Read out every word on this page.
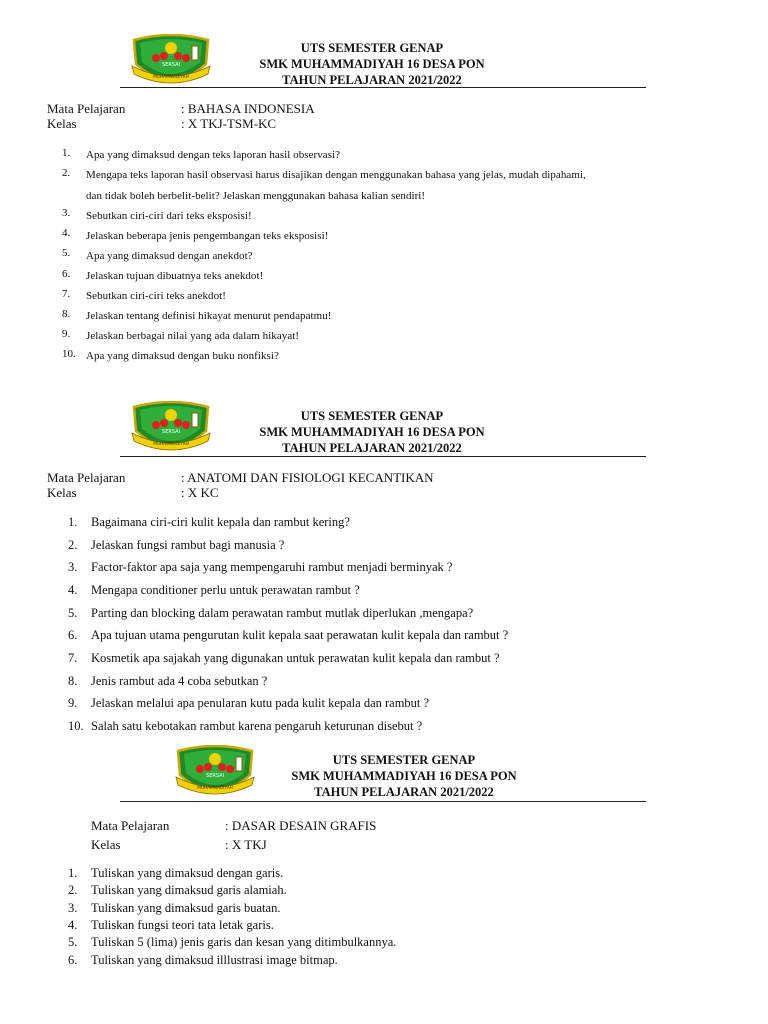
SERSAI
MUHAMMADIYAH
UTS SEMESTER GENAP
SMK MUHAMMADIYAH 16 DESA PON
TAHUN PELAJARAN 2021/2022
Mata Pelajaran	: BAHASA INDONESIA
Kelas	: X TKJ-TSM-KC
1. Apa yang dimaksud dengan teks laporan hasil observasi?
2. Mengapa teks laporan hasil observasi harus disajikan dengan menggunakan bahasa yang jelas, mudah dipahami,
dan tidak boleh berbelit-belit? Jelaskan menggunakan bahasa kalian sendiri!
3. Sebutkan ciri-ciri dari teks eksposisi!
4. Jelaskan beberapa jenis pengembangan teks eksposisi!
5. Apa yang dimaksud dengan anekdot?
6. Jelaskan tujuan dibuatnya teks anekdot!
7. Sebutkan ciri-ciri teks anekdot!
8. Jelaskan tentang definisi hikayat menurut pendapatmu!
9. Jelaskan berbagai nilai yang ada dalam hikayat!
10. Apa yang dimaksud dengan buku nonfiksi?
SERSAI
MUHAMMADIYAH
UTS SEMESTER GENAP
SMK MUHAMMADIYAH 16 DESA PON
TAHUN PELAJARAN 2021/2022
Mata Pelajaran	: ANATOMI DAN FISIOLOGI KECANTIKAN
Kelas	: X KC
1. Bagaimana ciri-ciri kulit kepala dan rambut kering?
2. Jelaskan fungsi rambut bagi manusia ?
3. Factor-faktor apa saja yang mempengaruhi rambut menjadi berminyak ?
4. Mengapa conditioner perlu untuk perawatan rambut ?
5. Parting dan blocking dalam perawatan rambut mutlak diperlukan ,mengapa?
6. Apa tujuan utama pengurutan kulit kepala saat perawatan kulit kepala dan rambut ?
7. Kosmetik apa sajakah yang digunakan untuk perawatan kulit kepala dan rambut ?
8. Jenis rambut ada 4 coba sebutkan ?
9. Jelaskan melalui apa penularan kutu pada kulit kepala dan rambut ?
10. Salah satu kebotakan rambut karena pengaruh keturunan disebut ?
SERSAI
MUHAMMADIYAH
UTS SEMESTER GENAP
SMK MUHAMMADIYAH 16 DESA PON
TAHUN PELAJARAN 2021/2022
Mata Pelajaran	: DASAR DESAIN GRAFIS
Kelas	: X TKJ
1. Tuliskan yang dimaksud dengan garis.
2. Tuliskan yang dimaksud garis alamiah.
3. Tuliskan yang dimaksud garis buatan.
4. Tuliskan fungsi teori tata letak garis.
5. Tuliskan 5 (lima) jenis garis dan kesan yang ditimbulkannya.
6. Tuliskan yang dimaksud illlustrasi image bitmap.
